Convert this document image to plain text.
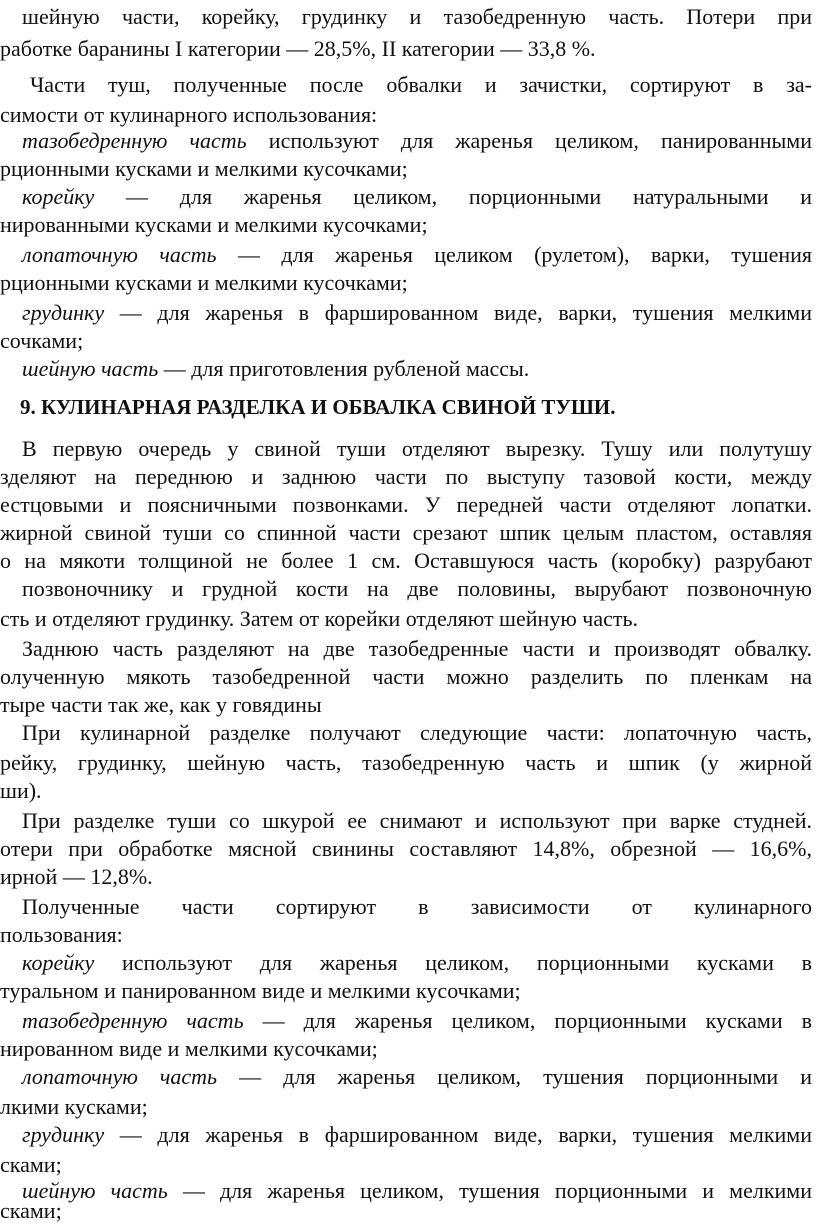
шейную части, корейку, грудинку и тазобедренную часть. Потери при
работке баранины I категории — 28,5%, II категории — 33,8 %.
Части туш, полученные после обвалки и зачистки, сортируют в за-
симости от кулинарного использования:
тазобедренную часть используют для жаренья целиком, панированными
рционными кусками и мелкими кусочками;
корейку — для жаренья целиком, порционными натуральными и
нированными кусками и мелкими кусочками;
лопаточную часть — для жаренья целиком (рулетом), варки, тушения
рционными кусками и мелкими кусочками;
грудинку — для жаренья в фаршированном виде, варки, тушения мелкими
сочками;
шейную часть — для приготовления рубленой массы.
9. КУЛИНАРНАЯ РАЗДЕЛКА И ОБВАЛКА СВИНОЙ ТУШИ.
В первую очередь у свиной туши отделяют вырезку. Тушу или полутушу
зделяют на переднюю и заднюю части по выступу тазовой кости, между
естцовыми и поясничными позвонками. У передней части отделяют лопатки.
жирной свиной туши со спинной части срезают шпик целым пластом, оставляя
о на мякоти толщиной не более 1 см. Оставшуюся часть (коробку) разрубают
позвоночнику и грудной кости на две половины, вырубают позвоночную
сть и отделяют грудинку. Затем от корейки отделяют шейную часть.
Заднюю часть разделяют на две тазобедренные части и производят обвалку.
олученную мякоть тазобедренной части можно разделить по пленкам на
тыре части так же, как у говядины
При кулинарной разделке получают следующие части: лопаточную часть,
рейку, грудинку, шейную часть, тазобедренную часть и шпик (у жирной
ши).
При разделке туши со шкурой ее снимают и используют при варке студней.
отери при обработке мясной свинины составляют 14,8%, обрезной — 16,6%,
ирной — 12,8%.
Полученные части сортируют в зависимости от кулинарного
пользования:
корейку используют для жаренья целиком, порционными кусками в
туральном и панированном виде и мелкими кусочками;
тазобедренную часть — для жаренья целиком, порционными кусками в
нированном виде и мелкими кусочками;
лопаточную часть — для жаренья целиком, тушения порционными и
лкими кусками;
грудинку — для жаренья в фаршированном виде, варки, тушения мелкими
сками;
шейную часть — для жаренья целиком, тушения порционными и мелкими
сками;
